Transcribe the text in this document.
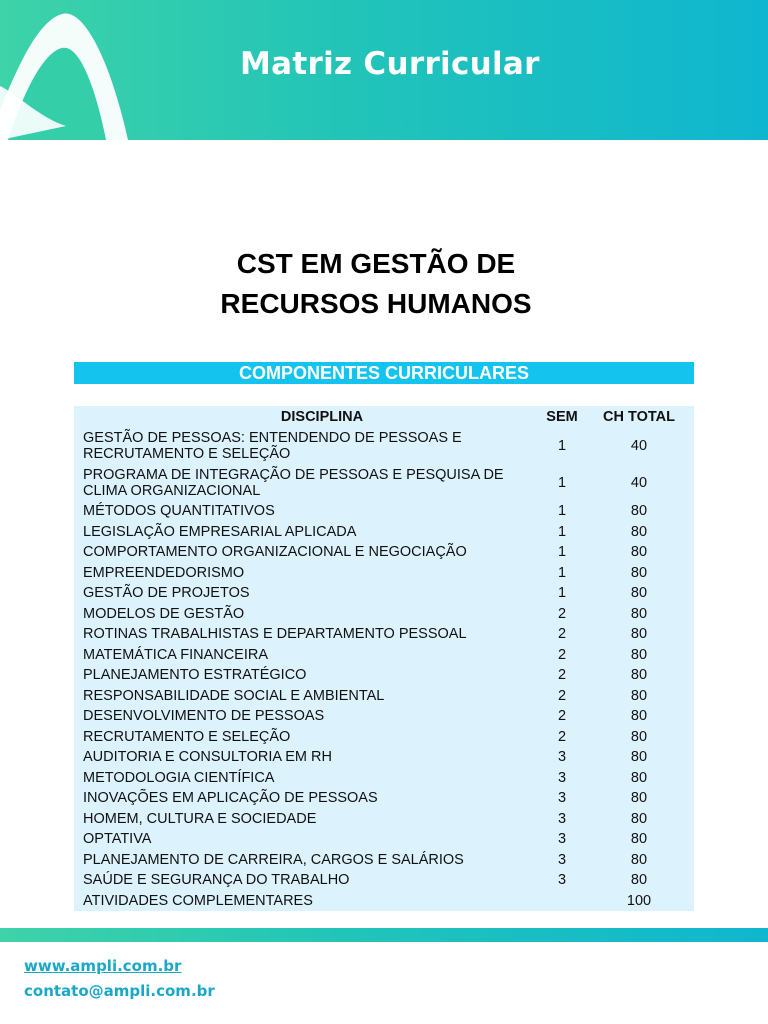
Matriz Curricular
CST EM GESTÃO DE
RECURSOS HUMANOS
COMPONENTES CURRICULARES
DISCIPLINA	SEM	CH TOTAL
GESTÃO DE PESSOAS: ENTENDENDO DE PESSOAS E RECRUTAMENTO E SELEÇÃO	1	40
PROGRAMA DE INTEGRAÇÃO DE PESSOAS E PESQUISA DE CLIMA ORGANIZACIONAL	1	40
MÉTODOS QUANTITATIVOS	1	80
LEGISLAÇÃO EMPRESARIAL APLICADA	1	80
COMPORTAMENTO ORGANIZACIONAL E NEGOCIAÇÃO	1	80
EMPREENDEDORISMO	1	80
GESTÃO DE PROJETOS	1	80
MODELOS DE GESTÃO	2	80
ROTINAS TRABALHISTAS E DEPARTAMENTO PESSOAL	2	80
MATEMÁTICA FINANCEIRA	2	80
PLANEJAMENTO ESTRATÉGICO	2	80
RESPONSABILIDADE SOCIAL E AMBIENTAL	2	80
DESENVOLVIMENTO DE PESSOAS	2	80
RECRUTAMENTO E SELEÇÃO	2	80
AUDITORIA E CONSULTORIA EM RH	3	80
METODOLOGIA CIENTÍFICA	3	80
INOVAÇÕES EM APLICAÇÃO DE PESSOAS	3	80
HOMEM, CULTURA E SOCIEDADE	3	80
OPTATIVA	3	80
PLANEJAMENTO DE CARREIRA, CARGOS E SALÁRIOS	3	80
SAÚDE E SEGURANÇA DO TRABALHO	3	80
ATIVIDADES COMPLEMENTARES		100
www.ampli.com.br
contato@ampli.com.br
